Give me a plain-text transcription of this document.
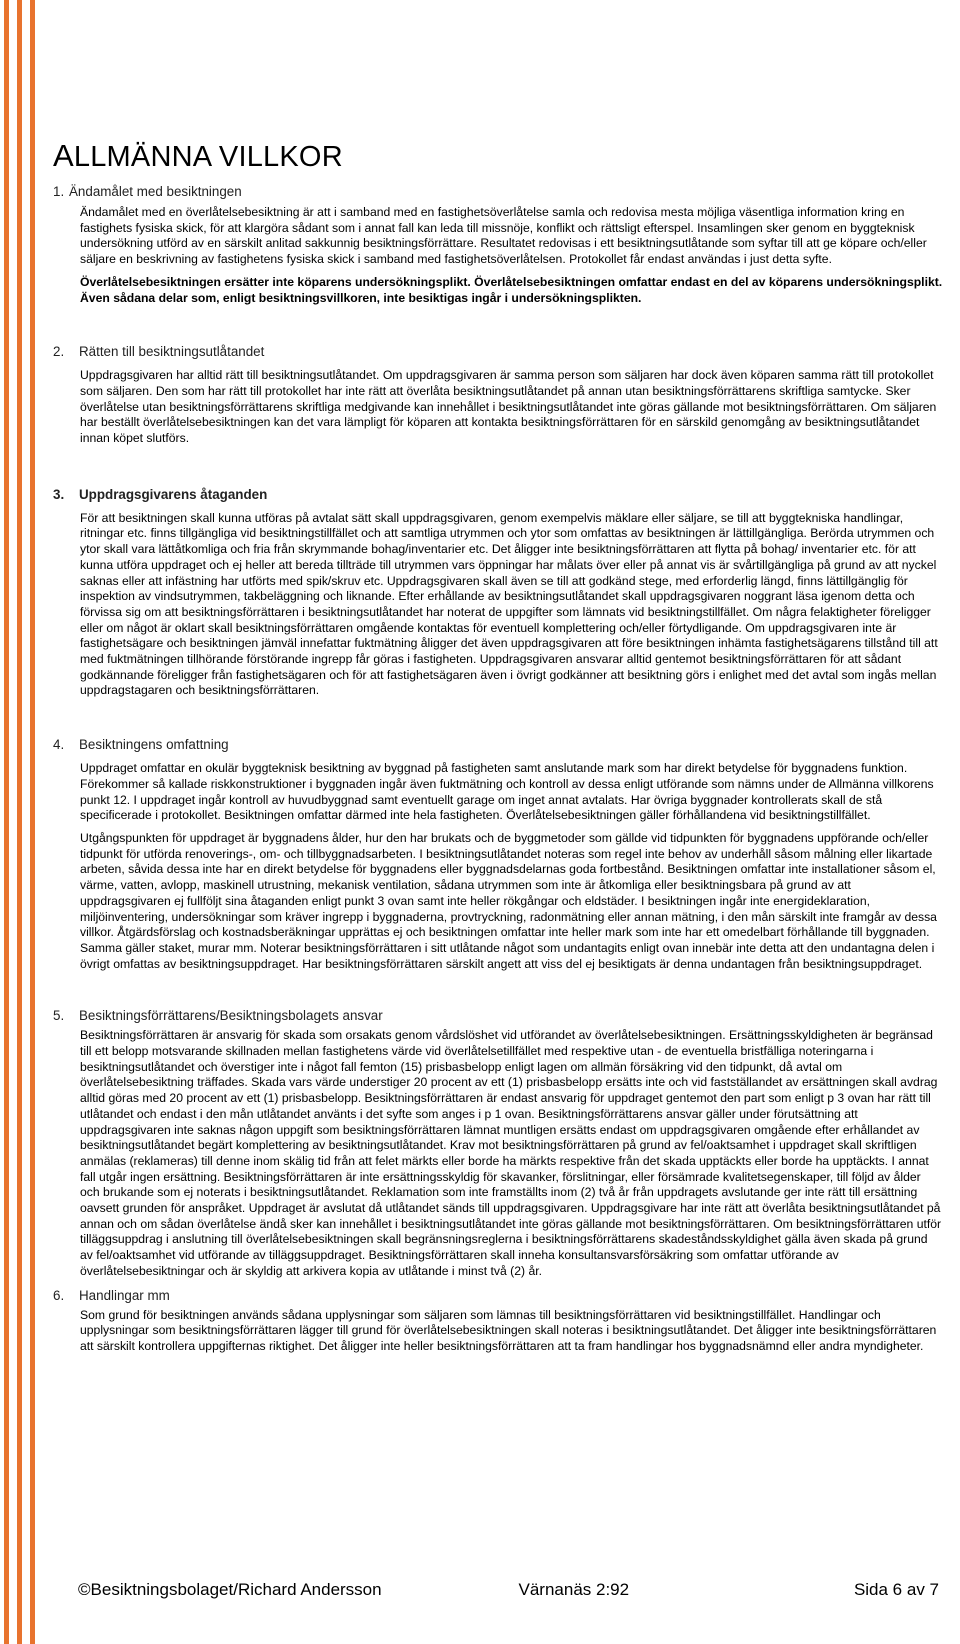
ALLMÄNNA VILLKOR
1. Ändamålet med besiktningen

Ändamålet med en överlåtelsebesiktning är att i samband med en fastighetsöverlåtelse samla och redovisa mesta möjliga väsentliga information kring en fastighets fysiska skick, för att klargöra sådant som i annat fall kan leda till missnöje, konflikt och rättsligt efterspel. Insamlingen sker genom en byggteknisk undersökning utförd av en särskilt anlitad sakkunnig besiktningsförrättare. Resultatet redovisas i ett besiktningsutlåtande som syftar till att ge köpare och/eller säljare en beskrivning av fastighetens fysiska skick i samband med fastighetsöverlåtelsen. Protokollet får endast användas i just detta syfte.

Överlåtelsebesiktningen ersätter inte köparens undersökningsplikt. Överlåtelsebesiktningen omfattar endast en del av köparens undersökningsplikt. Även sådana delar som, enligt besiktningsvillkoren, inte besiktigas ingår i undersökningsplikten.

2.	Rätten till besiktningsutlåtandet

Uppdragsgivaren har alltid rätt till besiktningsutlåtandet. Om uppdragsgivaren är samma person som säljaren har dock även köparen samma rätt till protokollet som säljaren. Den som har rätt till protokollet har inte rätt att överlåta besiktningsutlåtandet på annan utan besiktningsförrättarens skriftliga samtycke. Sker överlåtelse utan besiktningsförrättarens skriftliga medgivande kan innehållet i besiktningsutlåtandet inte göras gällande mot besiktningsförrättaren. Om säljaren har beställt överlåtelsebesiktningen kan det vara lämpligt för köparen att kontakta besiktningsförrättaren för en särskild genomgång av besiktningsutlåtandet innan köpet slutförs.

3.	Uppdragsgivarens åtaganden

För att besiktningen skall kunna utföras på avtalat sätt skall uppdragsgivaren, genom exempelvis mäklare eller säljare, se till att byggtekniska handlingar, ritningar etc. finns tillgängliga vid besiktningstillfället och att samtliga utrymmen och ytor som omfattas av besiktningen är lättillgängliga. Berörda utrymmen och ytor skall vara lättåtkomliga och fria från skrymmande bohag/inventarier etc. Det åligger inte besiktningsförrättaren att flytta på bohag/ inventarier etc. för att kunna utföra uppdraget och ej heller att bereda tillträde till utrymmen vars öppningar har målats över eller på annat vis är svårtillgängliga på grund av att nyckel saknas eller att infästning har utförts med spik/skruv etc. Uppdragsgivaren skall även se till att godkänd stege, med erforderlig längd, finns lättillgänglig för inspektion av vindsutrymmen, takbeläggning och liknande. Efter erhållande av besiktningsutlåtandet skall uppdragsgivaren noggrant läsa igenom detta och förvissa sig om att besiktningsförrättaren i besiktningsutlåtandet har noterat de uppgifter som lämnats vid besiktningstillfället. Om några felaktigheter föreligger eller om något är oklart skall besiktningsförrättaren omgående kontaktas för eventuell komplettering och/eller förtydligande. Om uppdragsgivaren inte är fastighetsägare och besiktningen jämväl innefattar fuktmätning åligger det även uppdragsgivaren att före besiktningen inhämta fastighetsägarens tillstånd till att med fuktmätningen tillhörande förstörande ingrepp får göras i fastigheten. Uppdragsgivaren ansvarar alltid gentemot besiktningsförrättaren för att sådant godkännande föreligger från fastighetsägaren och för att fastighetsägaren även i övrigt godkänner att besiktning görs i enlighet med det avtal som ingås mellan uppdragstagaren och besiktningsförrättaren.

4.	Besiktningens omfattning

Uppdraget omfattar en okulär byggteknisk besiktning av byggnad på fastigheten samt anslutande mark som har direkt betydelse för byggnadens funktion. Förekommer så kallade riskkonstruktioner i byggnaden ingår även fuktmätning och kontroll av dessa enligt utförande som nämns under de Allmänna villkorens punkt 12. I uppdraget ingår kontroll av huvudbyggnad samt eventuellt garage om inget annat avtalats. Har övriga byggnader kontrollerats skall de stå specificerade i protokollet. Besiktningen omfattar därmed inte hela fastigheten. Överlåtelsebesiktningen gäller förhållandena vid besiktningstillfället.

Utgångspunkten för uppdraget är byggnadens ålder, hur den har brukats och de byggmetoder som gällde vid tidpunkten för byggnadens uppförande och/eller tidpunkt för utförda renoverings-, om- och tillbyggnadsarbeten. I besiktningsutlåtandet noteras som regel inte behov av underhåll såsom målning eller likartade arbeten, såvida dessa inte har en direkt betydelse för byggnadens eller byggnadsdelarnas goda fortbestånd. Besiktningen omfattar inte installationer såsom el, värme, vatten, avlopp, maskinell utrustning, mekanisk ventilation, sådana utrymmen som inte är åtkomliga eller besiktningsbara på grund av att uppdragsgivaren ej fullföljt sina åtaganden enligt punkt 3 ovan samt inte heller rökgångar och eldstäder. I besiktningen ingår inte energideklaration, miljöinventering, undersökningar som kräver ingrepp i byggnaderna, provtryckning, radonmätning eller annan mätning, i den mån särskilt inte framgår av dessa villkor. Åtgärdsförslag och kostnadsberäkningar upprättas ej och besiktningen omfattar inte heller mark som inte har ett omedelbart förhållande till byggnaden. Samma gäller staket, murar mm. Noterar besiktningsförrättaren i sitt utlåtande något som undantagits enligt ovan innebär inte detta att den undantagna delen i övrigt omfattas av besiktningsuppdraget. Har besiktningsförrättaren särskilt angett att viss del ej besiktigats är denna undantagen från besiktningsuppdraget.

5.	Besiktningsförrättarens/Besiktningsbolagets ansvar

Besiktningsförrättaren är ansvarig för skada som orsakats genom vårdslöshet vid utförandet av överlåtelsebesiktningen. Ersättningsskyldigheten är begränsad till ett belopp motsvarande skillnaden mellan fastighetens värde vid överlåtelsetillfället med respektive utan - de eventuella bristfälliga noteringarna i besiktningsutlåtandet och överstiger inte i något fall femton (15) prisbasbelopp enligt lagen om allmän försäkring vid den tidpunkt, då avtal om överlåtelsebesiktning träffades. Skada vars värde understiger 20 procent av ett (1) prisbasbelopp ersätts inte och vid fastställandet av ersättningen skall avdrag alltid göras med 20 procent av ett (1) prisbasbelopp. Besiktningsförrättaren är endast ansvarig för uppdraget gentemot den part som enligt p 3 ovan har rätt till utlåtandet och endast i den mån utlåtandet använts i det syfte som anges i p 1 ovan. Besiktningsförrättarens ansvar gäller under förutsättning att uppdragsgivaren inte saknas någon uppgift som besiktningsförrättaren lämnat muntligen ersätts endast om uppdragsgivaren omgående efter erhållandet av besiktningsutlåtandet begärt komplettering av besiktningsutlåtandet. Krav mot besiktningsförrättaren på grund av fel/oaktsamhet i uppdraget skall skriftligen anmälas (reklameras) till denne inom skälig tid från att felet märkts eller borde ha märkts respektive från det skada upptäckts eller borde ha upptäckts. I annat fall utgår ingen ersättning. Besiktningsförrättaren är inte ersättningsskyldig för skavanker, förslitningar, eller försämrade kvalitetsegenskaper, till följd av ålder och brukande som ej noterats i besiktningsutlåtandet. Reklamation som inte framställts inom (2) två år från uppdragets avslutande ger inte rätt till ersättning oavsett grunden för anspråket. Uppdraget är avslutat då utlåtandet sänds till uppdragsgivaren. Uppdragsgivare har inte rätt att överlåta besiktningsutlåtandet på annan och om sådan överlåtelse ändå sker kan innehållet i besiktningsutlåtandet inte göras gällande mot besiktningsförrättaren. Om besiktningsförrättaren utför tilläggsuppdrag i anslutning till överlåtelsebesiktningen skall begränsningsreglerna i besiktningsförrättarens skadeståndsskyldighet gälla även skada på grund av fel/oaktsamhet vid utförande av tilläggsuppdraget. Besiktningsförrättaren skall inneha konsultansvarsförsäkring som omfattar utförande av överlåtelsebesiktningar och är skyldig att arkivera kopia av utlåtande i minst två (2) år.

6.	Handlingar mm

Som grund för besiktningen används sådana upplysningar som säljaren som lämnas till besiktningsförrättaren vid besiktningstillfället. Handlingar och upplysningar som besiktningsförrättaren lägger till grund för överlåtelsebesiktningen skall noteras i besiktningsutlåtandet. Det åligger inte besiktningsförrättaren att särskilt kontrollera uppgifternas riktighet. Det åligger inte heller besiktningsförrättaren att ta fram handlingar hos byggnadsnämnd eller andra myndigheter.

©Besiktningsbolaget/Richard Andersson	Värnanäs 2:92	Sida 6 av 7
